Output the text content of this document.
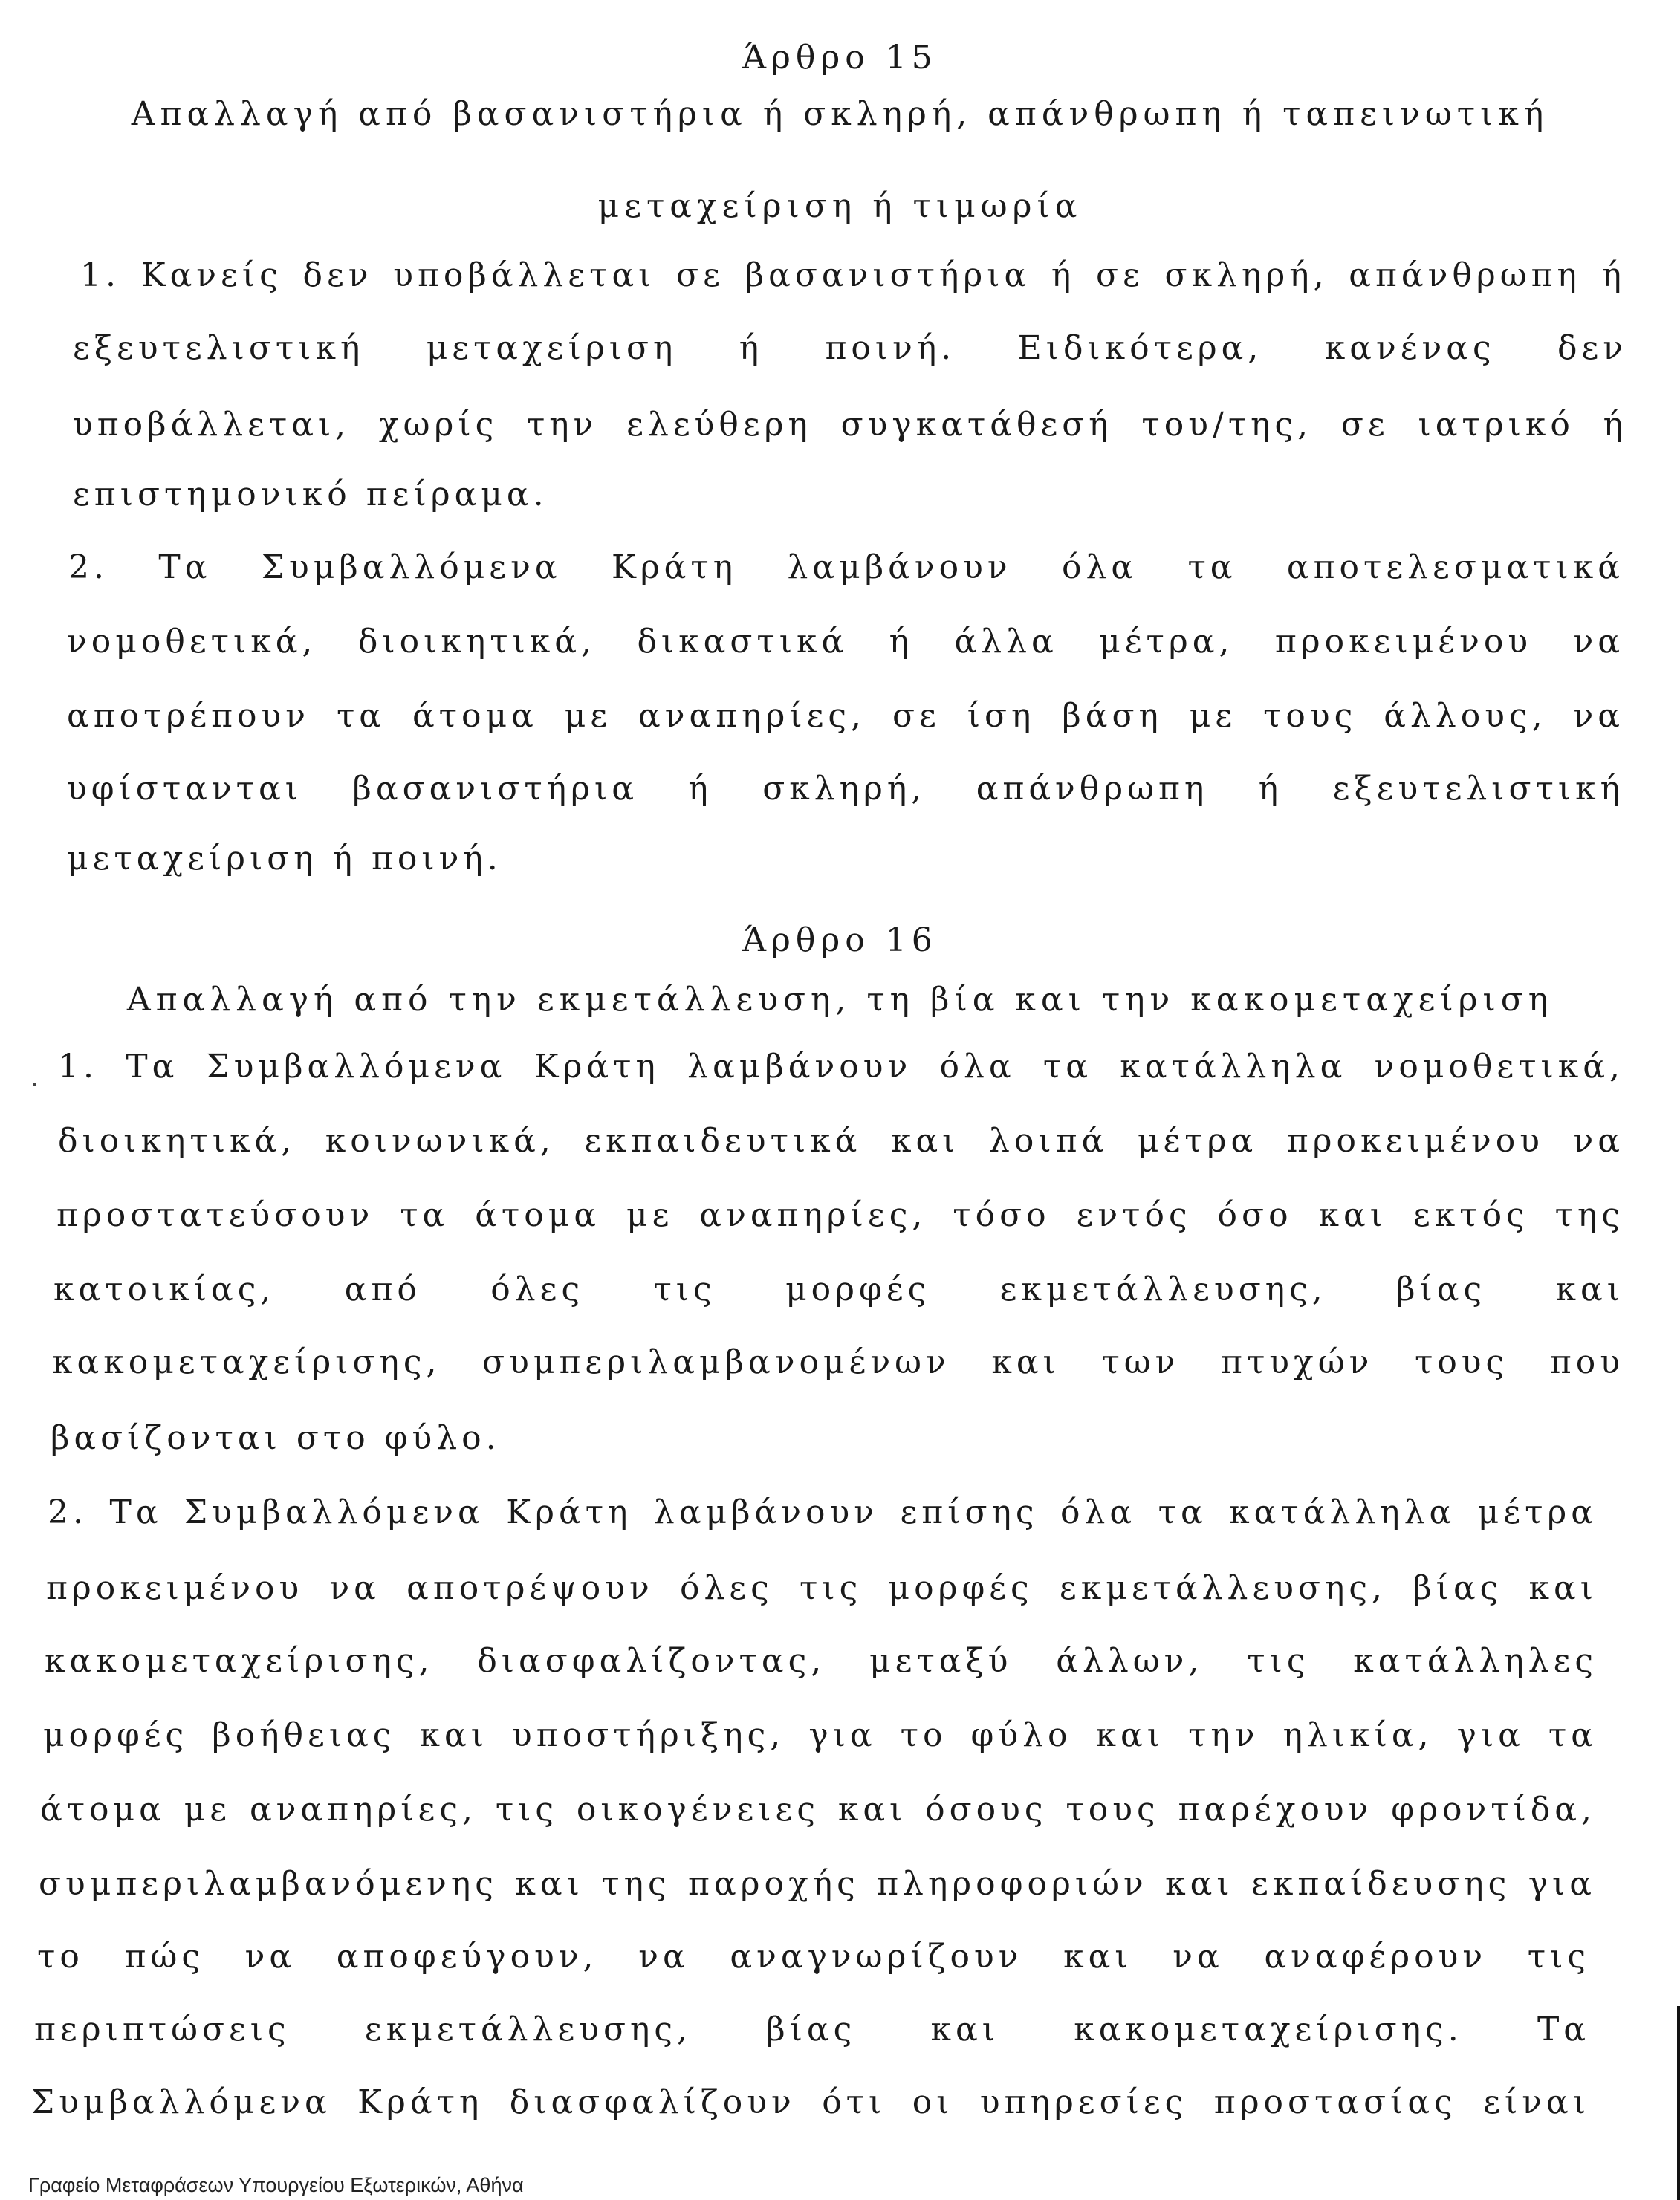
Άρθρο 15
Απαλλαγή από βασανιστήρια ή σκληρή, απάνθρωπη ή ταπεινωτική
μεταχείριση ή τιμωρία
1. Κανείς δεν υποβάλλεται σε βασανιστήρια ή σε σκληρή, απάνθρωπη ή
εξευτελιστική μεταχείριση ή ποινή. Ειδικότερα, κανένας δεν
υποβάλλεται, χωρίς την ελεύθερη συγκατάθεσή του/της, σε ιατρικό ή
επιστημονικό πείραμα.
2. Τα Συμβαλλόμενα Κράτη λαμβάνουν όλα τα αποτελεσματικά
νομοθετικά, διοικητικά, δικαστικά ή άλλα μέτρα, προκειμένου να
αποτρέπουν τα άτομα με αναπηρίες, σε ίση βάση με τους άλλους, να
υφίστανται βασανιστήρια ή σκληρή, απάνθρωπη ή εξευτελιστική
μεταχείριση ή ποινή.
Άρθρο 16
Απαλλαγή από την εκμετάλλευση, τη βία και την κακομεταχείριση
1. Τα Συμβαλλόμενα Κράτη λαμβάνουν όλα τα κατάλληλα νομοθετικά,
διοικητικά, κοινωνικά, εκπαιδευτικά και λοιπά μέτρα προκειμένου να
προστατεύσουν τα άτομα με αναπηρίες, τόσο εντός όσο και εκτός της
κατοικίας, από όλες τις μορφές εκμετάλλευσης, βίας και
κακομεταχείρισης, συμπεριλαμβανομένων και των πτυχών τους που
βασίζονται στο φύλο.
2. Τα Συμβαλλόμενα Κράτη λαμβάνουν επίσης όλα τα κατάλληλα μέτρα
προκειμένου να αποτρέψουν όλες τις μορφές εκμετάλλευσης, βίας και
κακομεταχείρισης, διασφαλίζοντας, μεταξύ άλλων, τις κατάλληλες
μορφές βοήθειας και υποστήριξης, για το φύλο και την ηλικία, για τα
άτομα με αναπηρίες, τις οικογένειες και όσους τους παρέχουν φροντίδα,
συμπεριλαμβανόμενης και της παροχής πληροφοριών και εκπαίδευσης για
το πώς να αποφεύγουν, να αναγνωρίζουν και να αναφέρουν τις
περιπτώσεις εκμετάλλευσης, βίας και κακομεταχείρισης. Τα
Συμβαλλόμενα Κράτη διασφαλίζουν ότι οι υπηρεσίες προστασίας είναι
Γραφείο Μεταφράσεων Υπουργείου Εξωτερικών, Αθήνα
